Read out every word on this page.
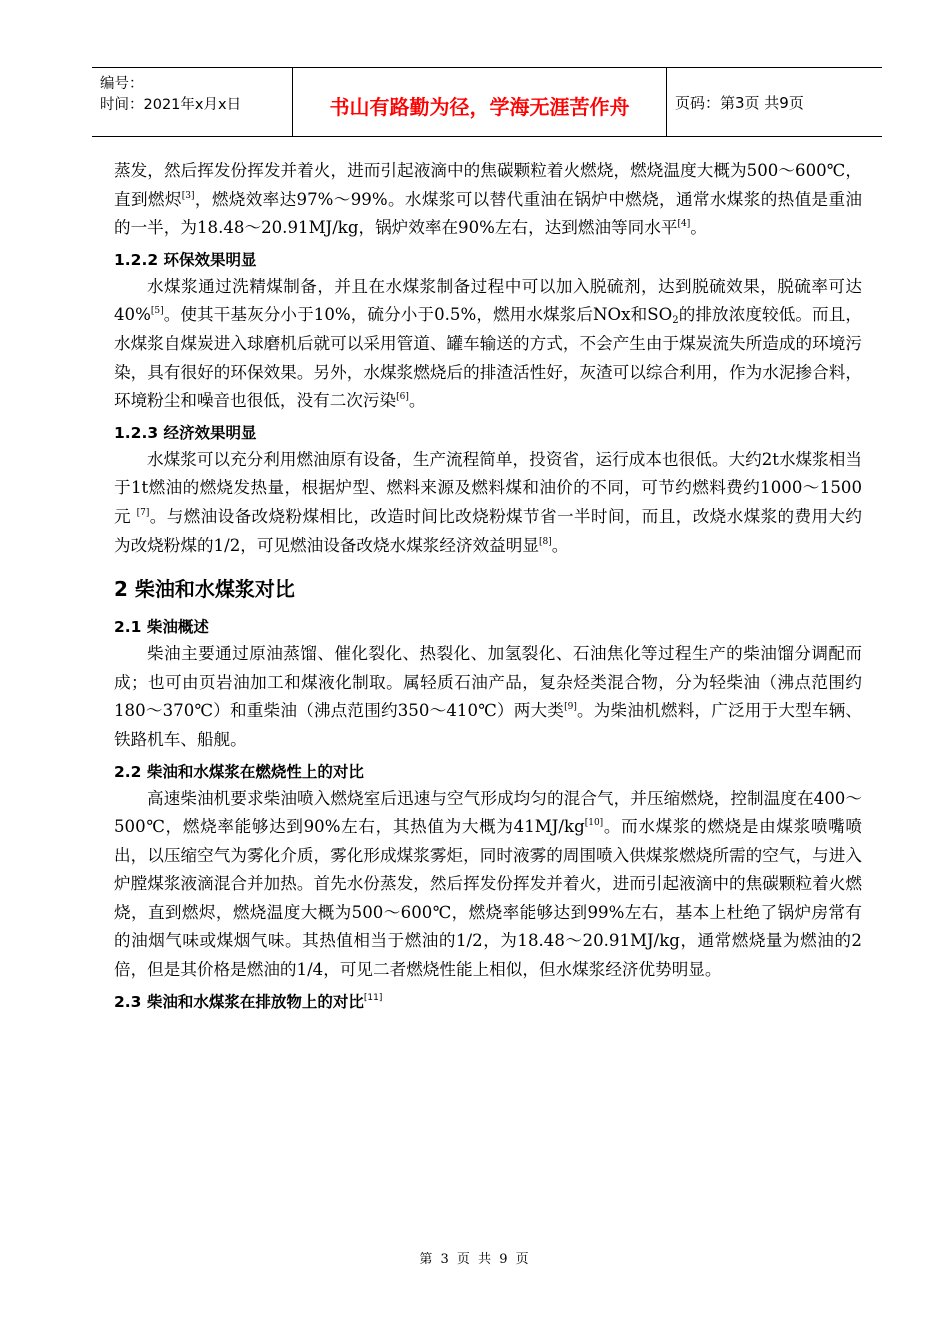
编号：
时间：2021年x月x日	书山有路勤为径，学海无涯苦作舟	页码：第3页 共9页

蒸发，然后挥发份挥发并着火，进而引起液滴中的焦碳颗粒着火燃烧，燃烧温度大概为500～600℃，直到燃烬[3]，燃烧效率达97%～99%。水煤浆可以替代重油在锅炉中燃烧，通常水煤浆的热值是重油的一半，为18.48～20.91MJ/kg，锅炉效率在90%左右，达到燃油等同水平[4]。

1.2.2 环保效果明显

水煤浆通过洗精煤制备，并且在水煤浆制备过程中可以加入脱硫剂，达到脱硫效果，脱硫率可达40%[5]。使其干基灰分小于10%，硫分小于0.5%，燃用水煤浆后NOx和$SO_2$的排放浓度较低。而且，水煤浆自煤炭进入球磨机后就可以采用管道、罐车输送的方式，不会产生由于煤炭流失所造成的环境污染，具有很好的环保效果。另外，水煤浆燃烧后的排渣活性好，灰渣可以综合利用，作为水泥掺合料，环境粉尘和噪音也很低，没有二次污染[6]。

1.2.3 经济效果明显

水煤浆可以充分利用燃油原有设备，生产流程简单，投资省，运行成本也很低。大约2t水煤浆相当于1t燃油的燃烧发热量，根据炉型、燃料来源及燃料煤和油价的不同，可节约燃料费约1000～1500元 [7]。与燃油设备改烧粉煤相比，改造时间比改烧粉煤节省一半时间，而且，改烧水煤浆的费用大约为改烧粉煤的1/2，可见燃油设备改烧水煤浆经济效益明显[8]。

2 柴油和水煤浆对比
2.1 柴油概述

柴油主要通过原油蒸馏、催化裂化、热裂化、加氢裂化、石油焦化等过程生产的柴油馏分调配而成；也可由页岩油加工和煤液化制取。属轻质石油产品，复杂烃类混合物，分为轻柴油（沸点范围约180～370℃）和重柴油（沸点范围约350～410℃）两大类[9]。为柴油机燃料，广泛用于大型车辆、铁路机车、船舰。

2.2 柴油和水煤浆在燃烧性上的对比

高速柴油机要求柴油喷入燃烧室后迅速与空气形成均匀的混合气，并压缩燃烧，控制温度在400～500℃，燃烧率能够达到90%左右，其热值为大概为41MJ/kg[10]。而水煤浆的燃烧是由煤浆喷嘴喷出，以压缩空气为雾化介质，雾化形成煤浆雾炬，同时液雾的周围喷入供煤浆燃烧所需的空气，与进入炉膛煤浆液滴混合并加热。首先水份蒸发，然后挥发份挥发并着火，进而引起液滴中的焦碳颗粒着火燃烧，直到燃烬，燃烧温度大概为500～600℃，燃烧率能够达到99%左右，基本上杜绝了锅炉房常有的油烟气味或煤烟气味。其热值相当于燃油的1/2，为18.48～20.91MJ/kg，通常燃烧量为燃油的2倍，但是其价格是燃油的1/4，可见二者燃烧性能上相似，但水煤浆经济优势明显。

2.3 柴油和水煤浆在排放物上的对比[11]
第 3 页 共 9 页
